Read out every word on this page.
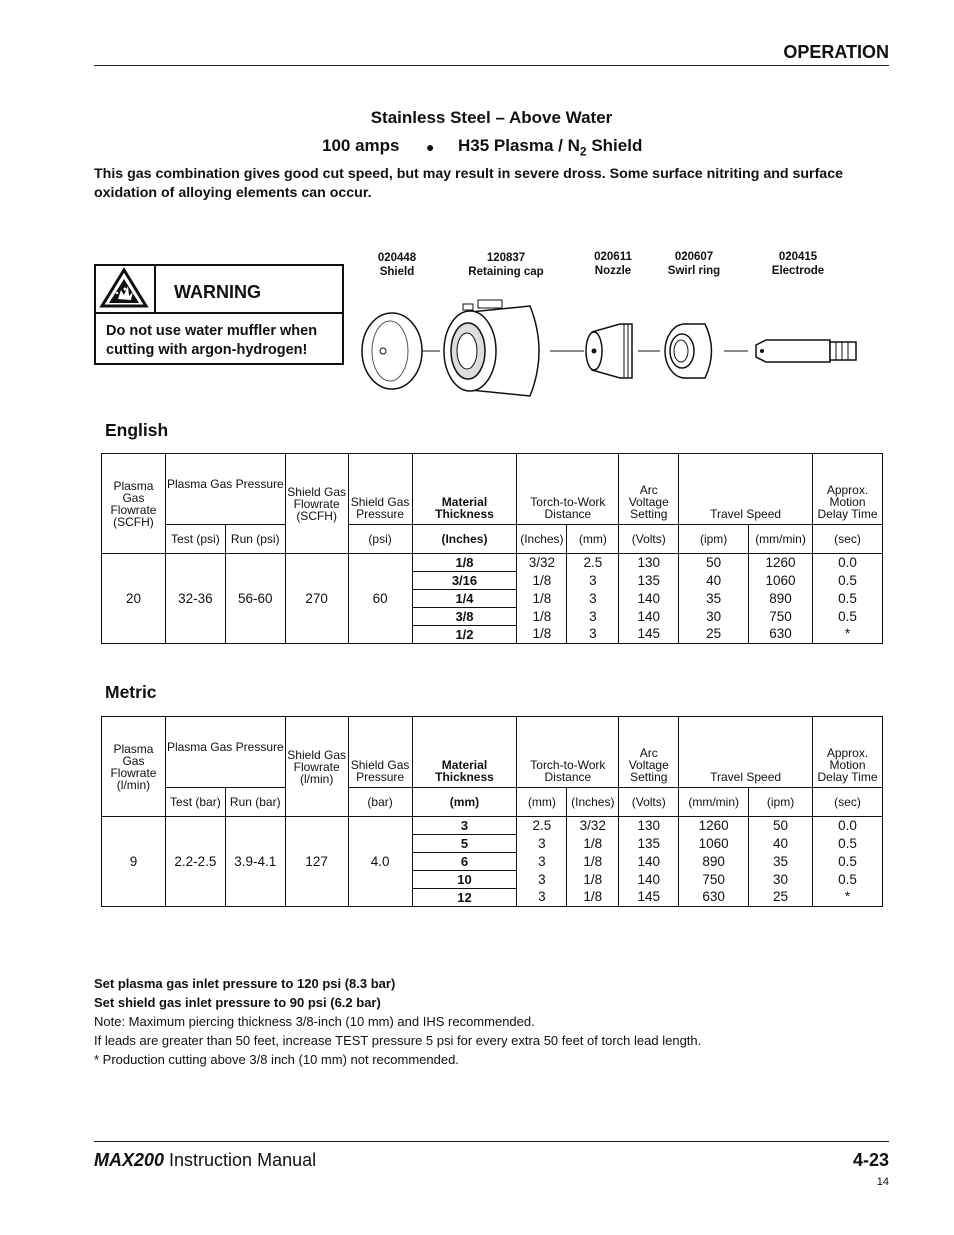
OPERATION
Stainless Steel – Above Water
100 amps ● H35 Plasma / $N_2$ Shield
This gas combination gives good cut speed, but may result in severe dross. Some surface nitriting and surface oxidation of alloying elements can occur.
WARNING
Do not use water muffler when cutting with argon-hydrogen!
020448
Shield
120837
Retaining cap
020611
Nozzle
020607
Swirl ring
020415
Electrode
English
Plasma Gas Flowrate (SCFH)	Plasma Gas Pressure		Shield Gas Flowrate (SCFH)	Shield Gas Pressure	Material Thickness	Torch-to-Work Distance		Arc Voltage Setting	Travel Speed		Approx. Motion Delay Time
	Test (psi)	Run (psi)		(psi)	(Inches)	(Inches)	(mm)	(Volts)	(ipm)	(mm/min)	(sec)
20	32-36	56-60	270	60	1/8	3/32	2.5	130	50	1260	0.0
					3/16	1/8	3	135	40	1060	0.5
					1/4	1/8	3	140	35	890	0.5
					3/8	1/8	3	140	30	750	0.5
					1/2	1/8	3	145	25	630	*
Metric
Plasma Gas Flowrate (l/min)	Plasma Gas Pressure		Shield Gas Flowrate (l/min)	Shield Gas Pressure	Material Thickness	Torch-to-Work Distance		Arc Voltage Setting	Travel Speed		Approx. Motion Delay Time
	Test (bar)	Run (bar)		(bar)	(mm)	(mm)	(Inches)	(Volts)	(mm/min)	(ipm)	(sec)
9	2.2-2.5	3.9-4.1	127	4.0	3	2.5	3/32	130	1260	50	0.0
					5	3	1/8	135	1060	40	0.5
					6	3	1/8	140	890	35	0.5
					10	3	1/8	140	750	30	0.5
					12	3	1/8	145	630	25	*
Set plasma gas inlet pressure to 120 psi (8.3 bar)
Set shield gas inlet pressure to 90 psi (6.2 bar)
Note: Maximum piercing thickness 3/8-inch (10 mm) and IHS recommended.
If leads are greater than 50 feet, increase TEST pressure 5 psi for every extra 50 feet of torch lead length.
* Production cutting above 3/8 inch (10 mm) not recommended.
MAX200 Instruction Manual	4-23
14
